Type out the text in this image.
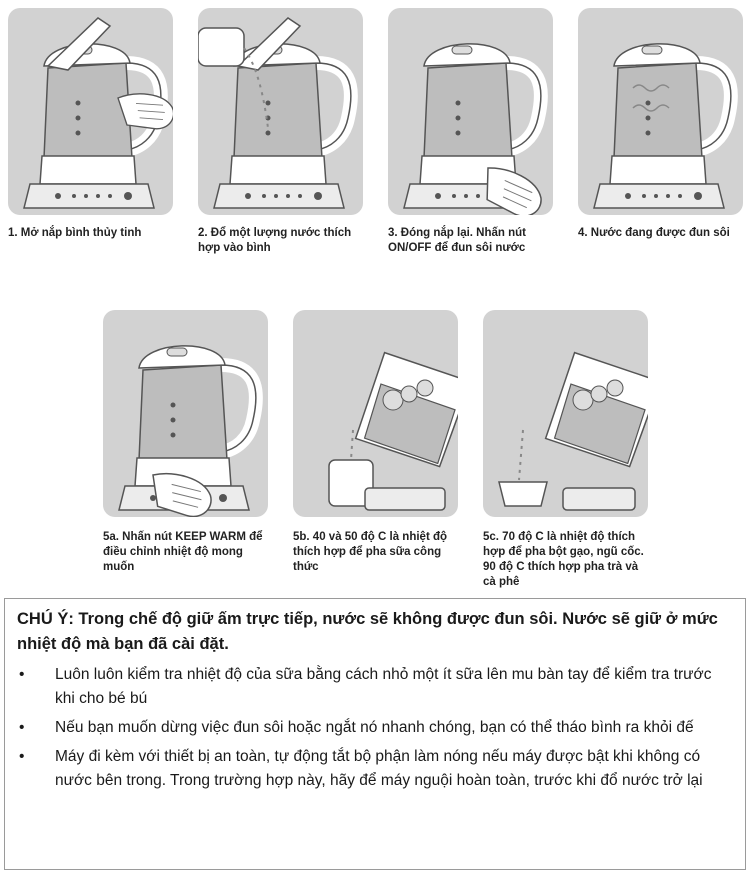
1. Mở nắp bình thủy tinh	2. Đổ một lượng nước thích hợp vào bình
3. Đóng nắp lại. Nhấn nút ON/OFF để đun sôi nước
4. Nước đang được đun sôi
5a. Nhấn nút KEEP WARM để điều chỉnh nhiệt độ mong muốn
5b. 40 và 50 độ C là nhiệt độ thích hợp để pha sữa công thức
5c. 70 độ C là nhiệt độ thích hợp để pha bột gạo, ngũ cốc. 90 độ C thích hợp pha trà và cà phê

CHÚ Ý: Trong chế độ giữ ấm trực tiếp, nước sẽ không được đun sôi. Nước sẽ giữ ở mức nhiệt độ mà bạn đã cài đặt.

• Luôn luôn kiểm tra nhiệt độ của sữa bằng cách nhỏ một ít sữa lên mu bàn tay để kiểm tra trước khi cho bé bú
• Nếu bạn muốn dừng việc đun sôi hoặc ngắt nó nhanh chóng, bạn có thể tháo bình ra khỏi đế
• Máy đi kèm với thiết bị an toàn, tự động tắt bộ phận làm nóng nếu máy được bật khi không có nước bên trong. Trong trường hợp này, hãy để máy nguội hoàn toàn, trước khi đổ nước trở lại
